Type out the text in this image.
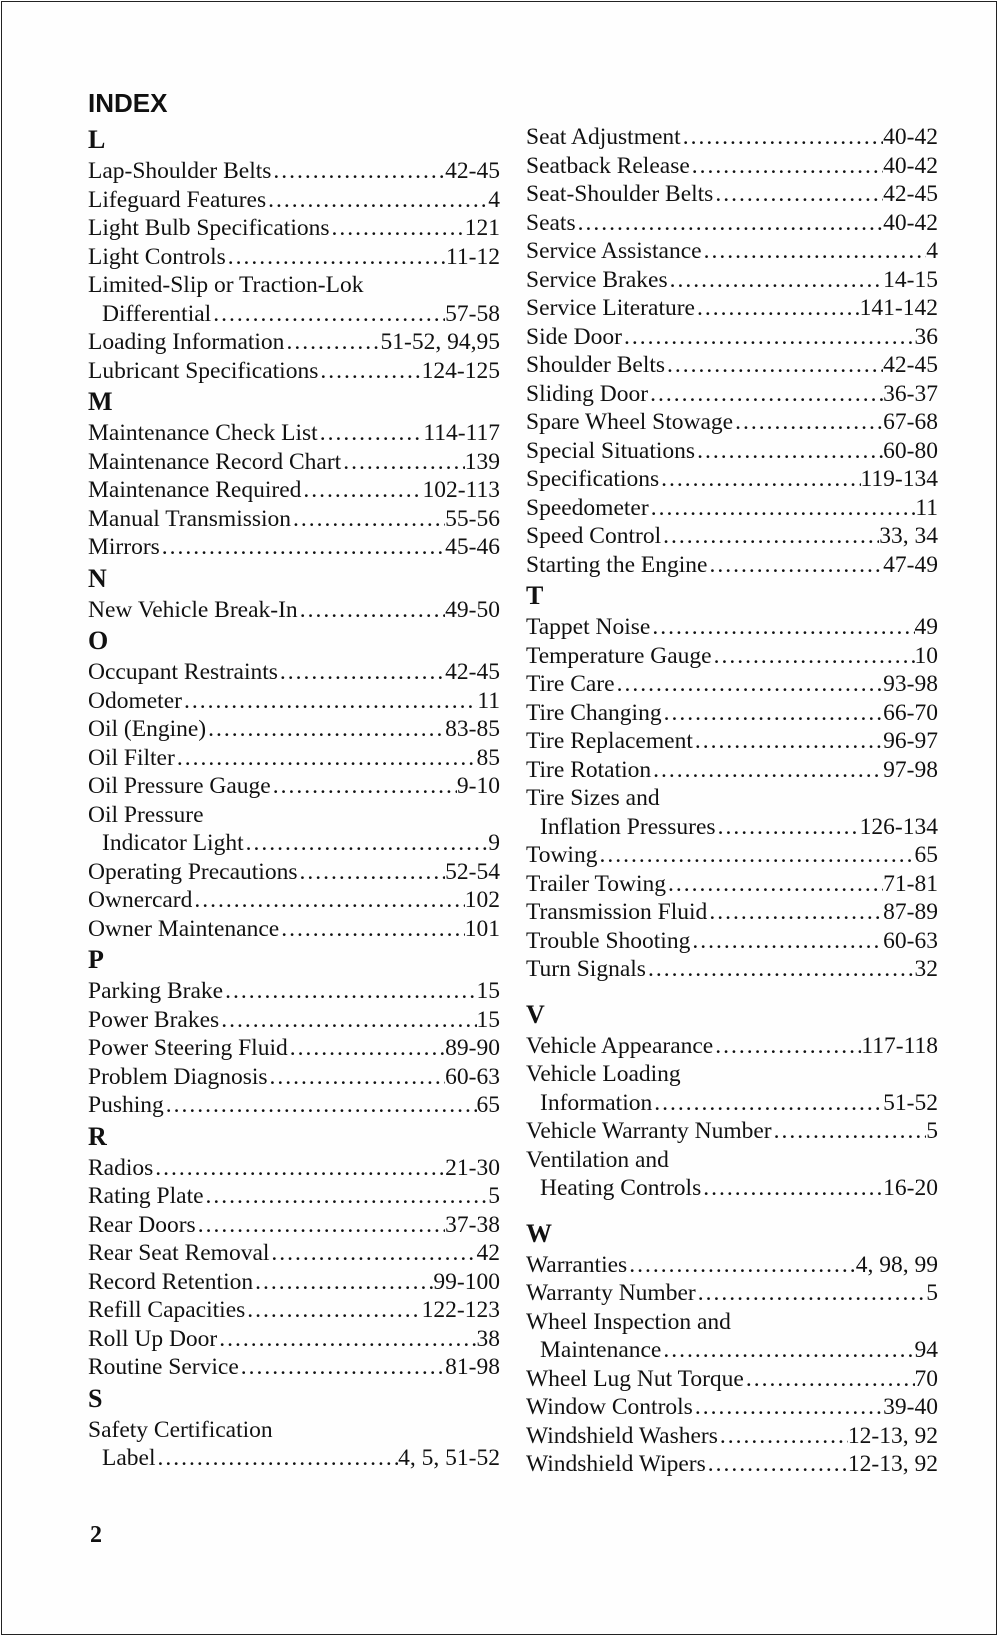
INDEX
L
Lap-Shoulder Belts .....	42-45
Lifeguard Features .....	4
Light Bulb Specifications .....	121
Light Controls .....	11-12
Limited-Slip or Traction-Lok
Differential .....	57-58
Loading Information .....	51-52, 94,95
Lubricant Specifications .....	124-125
M
Maintenance Check List .....	114-117
Maintenance Record Chart .....	139
Maintenance Required .....	102-113
Manual Transmission .....	55-56
Mirrors .....	45-46
N
New Vehicle Break-In .....	49-50
O
Occupant Restraints .....	42-45
Odometer .....	11
Oil (Engine) .....	83-85
Oil Filter .....	85
Oil Pressure Gauge .....	9-10
Oil Pressure
Indicator Light .....	9
Operating Precautions .....	52-54
Ownercard .....	102
Owner Maintenance .....	101
P
Parking Brake .....	15
Power Brakes .....	15
Power Steering Fluid .....	89-90
Problem Diagnosis .....	60-63
Pushing .....	65
R
Radios .....	21-30
Rating Plate .....	5
Rear Doors .....	37-38
Rear Seat Removal .....	42
Record Retention .....	99-100
Refill Capacities .....	122-123
Roll Up Door .....	38
Routine Service .....	81-98
S
Safety Certification
Label .....	4, 5, 51-52
Seat Adjustment .....	40-42
Seatback Release .....	40-42
Seat-Shoulder Belts .....	42-45
Seats .....	40-42
Service Assistance .....	4
Service Brakes .....	14-15
Service Literature .....	141-142
Side Door .....	36
Shoulder Belts .....	42-45
Sliding Door .....	36-37
Spare Wheel Stowage .....	67-68
Special Situations .....	60-80
Specifications .....	119-134
Speedometer .....	11
Speed Control .....	33, 34
Starting the Engine .....	47-49
T
Tappet Noise .....	49
Temperature Gauge .....	10
Tire Care .....	93-98
Tire Changing .....	66-70
Tire Replacement .....	96-97
Tire Rotation .....	97-98
Tire Sizes and
Inflation Pressures .....	126-134
Towing .....	65
Trailer Towing .....	71-81
Transmission Fluid .....	87-89
Trouble Shooting .....	60-63
Turn Signals .....	32
V
Vehicle Appearance .....	117-118
Vehicle Loading
Information .....	51-52
Vehicle Warranty Number .....	5
Ventilation and
Heating Controls .....	16-20
W
Warranties .....	4, 98, 99
Warranty Number .....	5
Wheel Inspection and
Maintenance .....	94
Wheel Lug Nut Torque .....	70
Window Controls .....	39-40
Windshield Washers .....	12-13, 92
Windshield Wipers .....	12-13, 92
2
